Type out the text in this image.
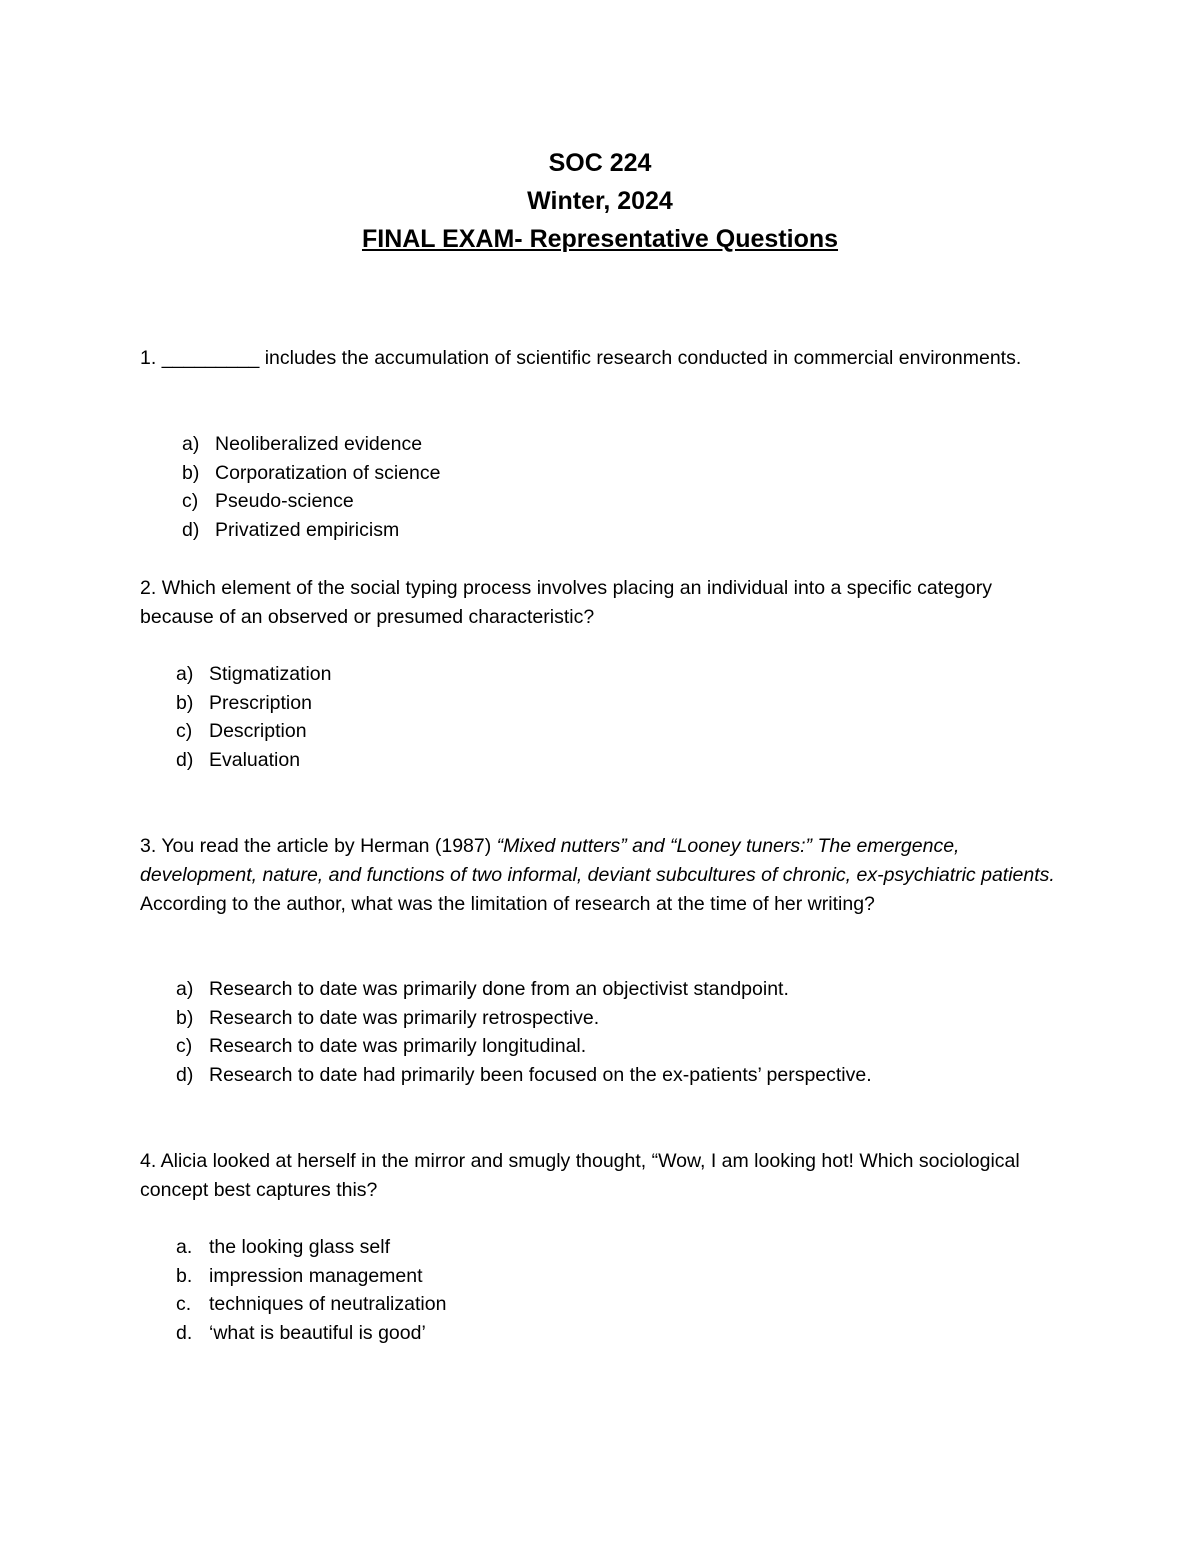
SOC 224
Winter, 2024
FINAL EXAM- Representative Questions
1. _________ includes the accumulation of scientific research conducted in commercial environments.
a) Neoliberalized evidence
b) Corporatization of science
c) Pseudo-science
d) Privatized empiricism
2. Which element of the social typing process involves placing an individual into a specific category because of an observed or presumed characteristic?
a) Stigmatization
b) Prescription
c) Description
d) Evaluation
3. You read the article by Herman (1987) “Mixed nutters” and “Looney tuners:” The emergence, development, nature, and functions of two informal, deviant subcultures of chronic, ex-psychiatric patients. According to the author, what was the limitation of research at the time of her writing?
a) Research to date was primarily done from an objectivist standpoint.
b) Research to date was primarily retrospective.
c) Research to date was primarily longitudinal.
d) Research to date had primarily been focused on the ex-patients’ perspective.
4. Alicia looked at herself in the mirror and smugly thought, “Wow, I am looking hot! Which sociological concept best captures this?
a. the looking glass self
b. impression management
c. techniques of neutralization
d. ‘what is beautiful is good’
